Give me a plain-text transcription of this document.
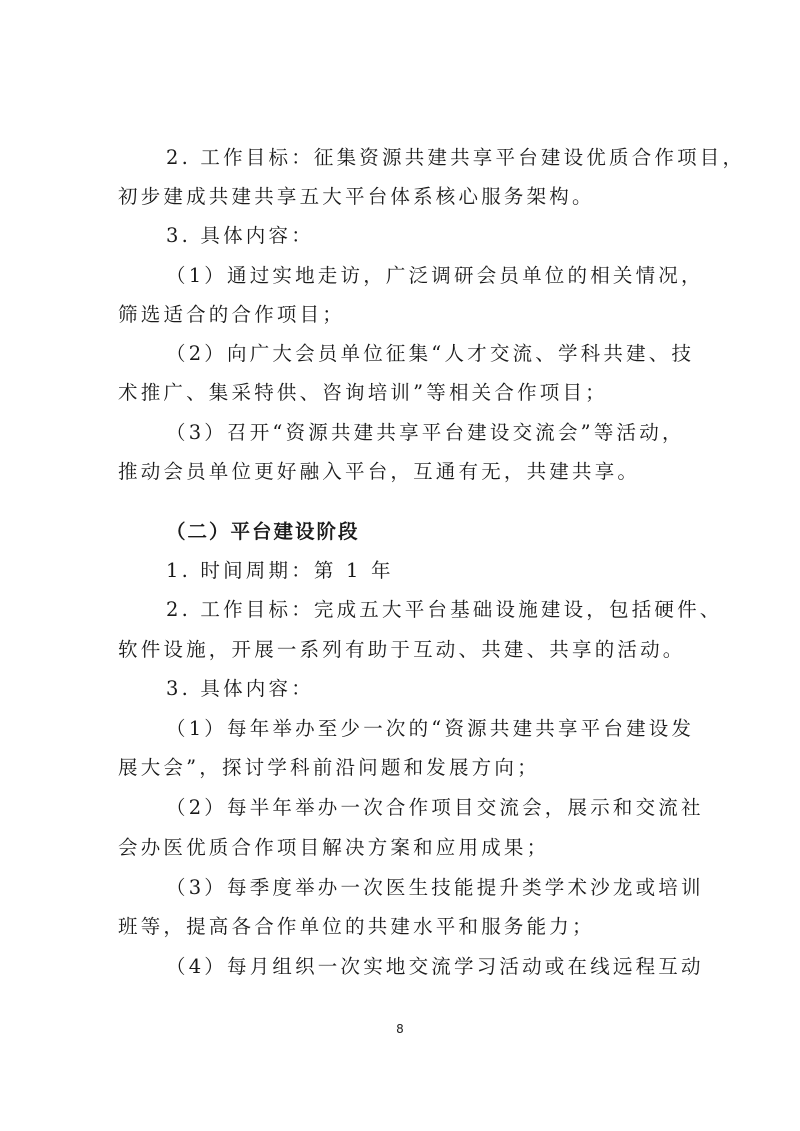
2. 工作目标：征集资源共建共享平台建设优质合作项目，
初步建成共建共享五大平台体系核心服务架构。
3. 具体内容：
（1）通过实地走访，广泛调研会员单位的相关情况，
筛选适合的合作项目；
（2）向广大会员单位征集“人才交流、学科共建、技
术推广、集采特供、咨询培训”等相关合作项目；
（3）召开“资源共建共享平台建设交流会”等活动，
推动会员单位更好融入平台，互通有无，共建共享。
（二）平台建设阶段
1. 时间周期：第 1 年
2. 工作目标：完成五大平台基础设施建设，包括硬件、
软件设施，开展一系列有助于互动、共建、共享的活动。
3. 具体内容：
（1）每年举办至少一次的“资源共建共享平台建设发
展大会”，探讨学科前沿问题和发展方向；
（2）每半年举办一次合作项目交流会，展示和交流社
会办医优质合作项目解决方案和应用成果；
（3）每季度举办一次医生技能提升类学术沙龙或培训
班等，提高各合作单位的共建水平和服务能力；
（4）每月组织一次实地交流学习活动或在线远程互动
8
